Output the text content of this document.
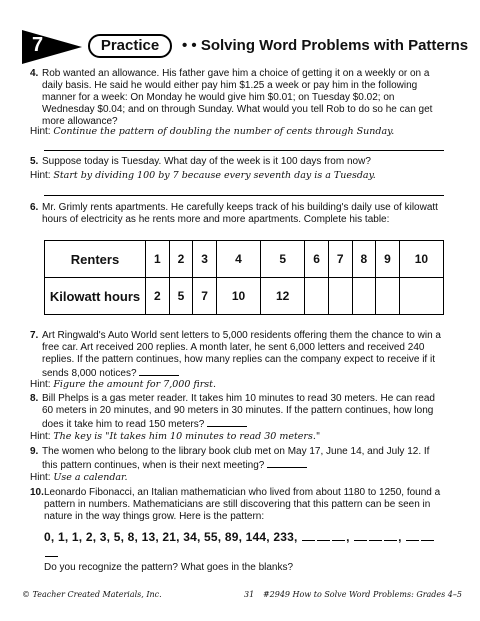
7	Practice	• • Solving Word Problems with Patterns
4. Rob wanted an allowance. His father gave him a choice of getting it on a weekly or on a daily basis. He said he would either pay him $1.25 a week or pay him in the following manner for a week: On Monday he would give him $0.01; on Tuesday $0.02; on Wednesday $0.04; and on through Sunday. What would you tell Rob to do so he can get more allowance?
Hint: Continue the pattern of doubling the number of cents through Sunday.
5. Suppose today is Tuesday. What day of the week is it 100 days from now?
Hint: Start by dividing 100 by 7 because every seventh day is a Tuesday.
6. Mr. Grimly rents apartments. He carefully keeps track of his building's daily use of kilowatt hours of electricity as he rents more and more apartments. Complete his table:
Renters	1	2	3	4	5	6	7	8	9	10
Kilowatt hours	2	5	7	10	12					
7. Art Ringwald's Auto World sent letters to 5,000 residents offering them the chance to win a free car. Art received 200 replies. A month later, he sent 6,000 letters and received 240 replies. If the pattern continues, how many replies can the company expect to receive if it sends 8,000 notices?
Hint: Figure the amount for 7,000 first.
8. Bill Phelps is a gas meter reader. It takes him 10 minutes to read 30 meters. He can read 60 meters in 20 minutes, and 90 meters in 30 minutes. If the pattern continues, how long does it take him to read 150 meters?
Hint: The key is "It takes him 10 minutes to read 30 meters."
9. The women who belong to the library book club met on May 17, June 14, and July 12. If this pattern continues, when is their next meeting?
Hint: Use a calendar.
10. Leonardo Fibonacci, an Italian mathematician who lived from about 1180 to 1250, found a pattern in numbers. Mathematicians are still discovering that this pattern can be seen in nature in the way things grow. Here is the pattern:
0, 1, 1, 2, 3, 5, 8, 13, 21, 34, 55, 89, 144, 233,	,	,
Do you recognize the pattern? What goes in the blanks?
© Teacher Created Materials, Inc.	31 #2949 How to Solve Word Problems: Grades 4–5
